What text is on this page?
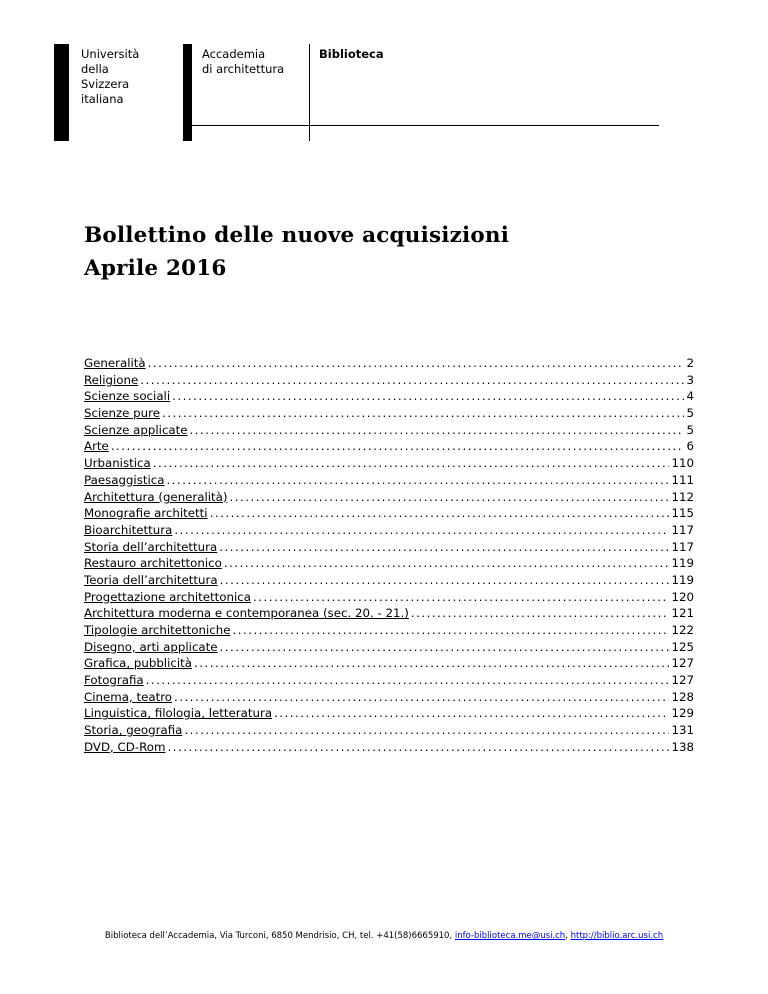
Università
della
Svizzera
italiana
Accademia
di architettura
Biblioteca
Bollettino delle nuove acquisizioni
Aprile 2016
Generalità .....	2
Religione .....	3
Scienze sociali .....	4
Scienze pure .....	5
Scienze applicate .....	5
Arte .....	6
Urbanistica .....	110
Paesaggistica .....	111
Architettura (generalità) .....	112
Monografie architetti .....	115
Bioarchitettura .....	117
Storia dell’architettura .....	117
Restauro architettonico .....	119
Teoria dell’architettura .....	119
Progettazione architettonica .....	120
Architettura moderna e contemporanea (sec. 20. - 21.) .....	121
Tipologie architettoniche .....	122
Disegno, arti applicate .....	125
Grafica, pubblicità .....	127
Fotografia .....	127
Cinema, teatro .....	128
Linguistica, filologia, letteratura .....	129
Storia, geografia .....	131
DVD, CD-Rom .....	138
Biblioteca dell’Accademia, Via Turconi, 6850 Mendrisio, CH, tel. +41(58)6665910, info-biblioteca.me@usi.ch, http://biblio.arc.usi.ch
